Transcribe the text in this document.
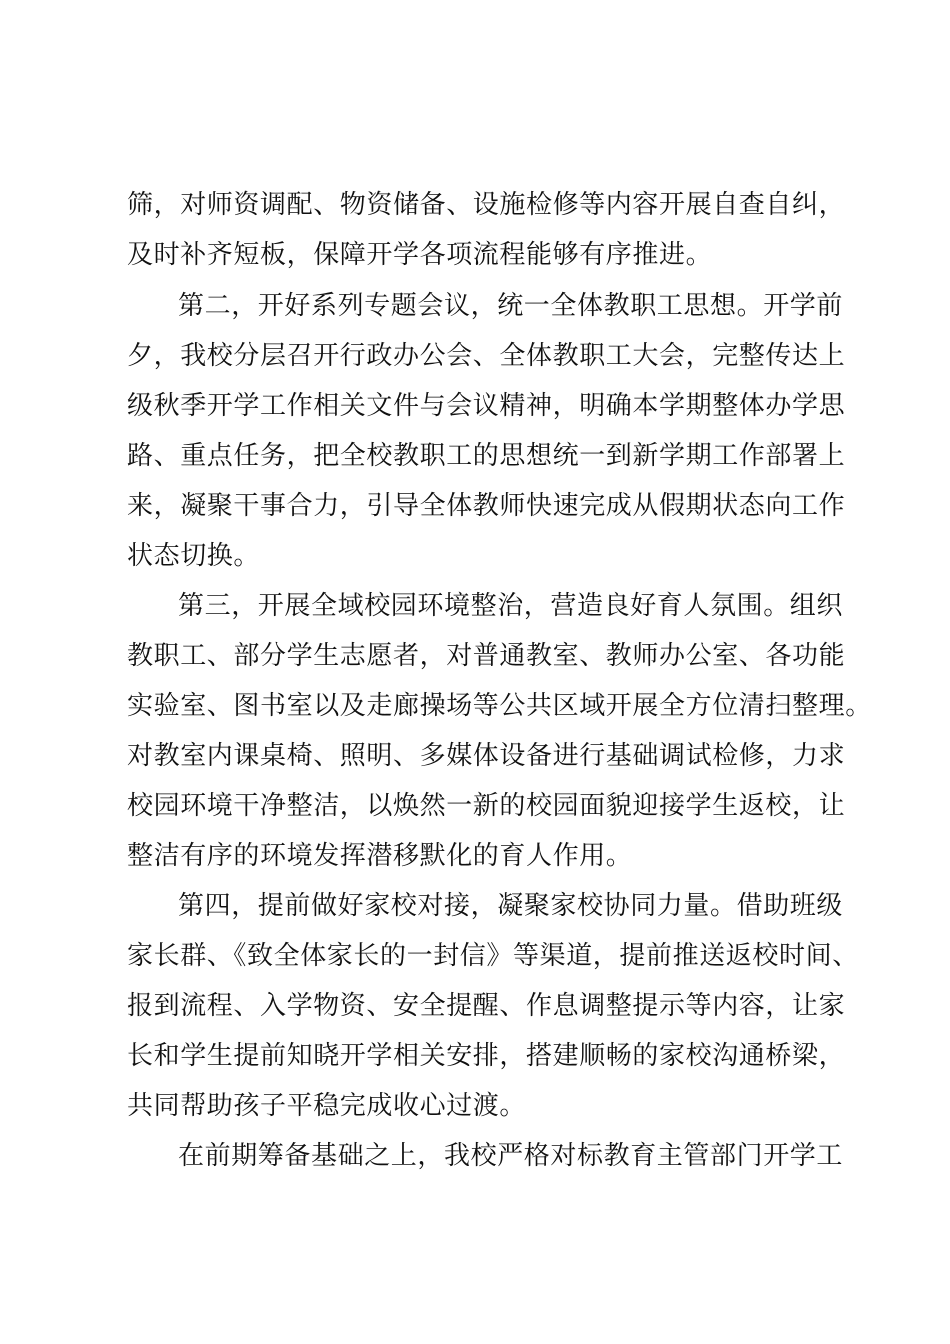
筛，对师资调配、物资储备、设施检修等内容开展自查自纠，
及时补齐短板，保障开学各项流程能够有序推进。
第二，开好系列专题会议，统一全体教职工思想。开学前
夕，我校分层召开行政办公会、全体教职工大会，完整传达上
级秋季开学工作相关文件与会议精神，明确本学期整体办学思
路、重点任务，把全校教职工的思想统一到新学期工作部署上
来，凝聚干事合力，引导全体教师快速完成从假期状态向工作
状态切换。
第三，开展全域校园环境整治，营造良好育人氛围。组织
教职工、部分学生志愿者，对普通教室、教师办公室、各功能
实验室、图书室以及走廊操场等公共区域开展全方位清扫整理。
对教室内课桌椅、照明、多媒体设备进行基础调试检修，力求
校园环境干净整洁，以焕然一新的校园面貌迎接学生返校，让
整洁有序的环境发挥潜移默化的育人作用。
第四，提前做好家校对接，凝聚家校协同力量。借助班级
家长群、《致全体家长的一封信》等渠道，提前推送返校时间、
报到流程、入学物资、安全提醒、作息调整提示等内容，让家
长和学生提前知晓开学相关安排，搭建顺畅的家校沟通桥梁，
共同帮助孩子平稳完成收心过渡。
在前期筹备基础之上，我校严格对标教育主管部门开学工
